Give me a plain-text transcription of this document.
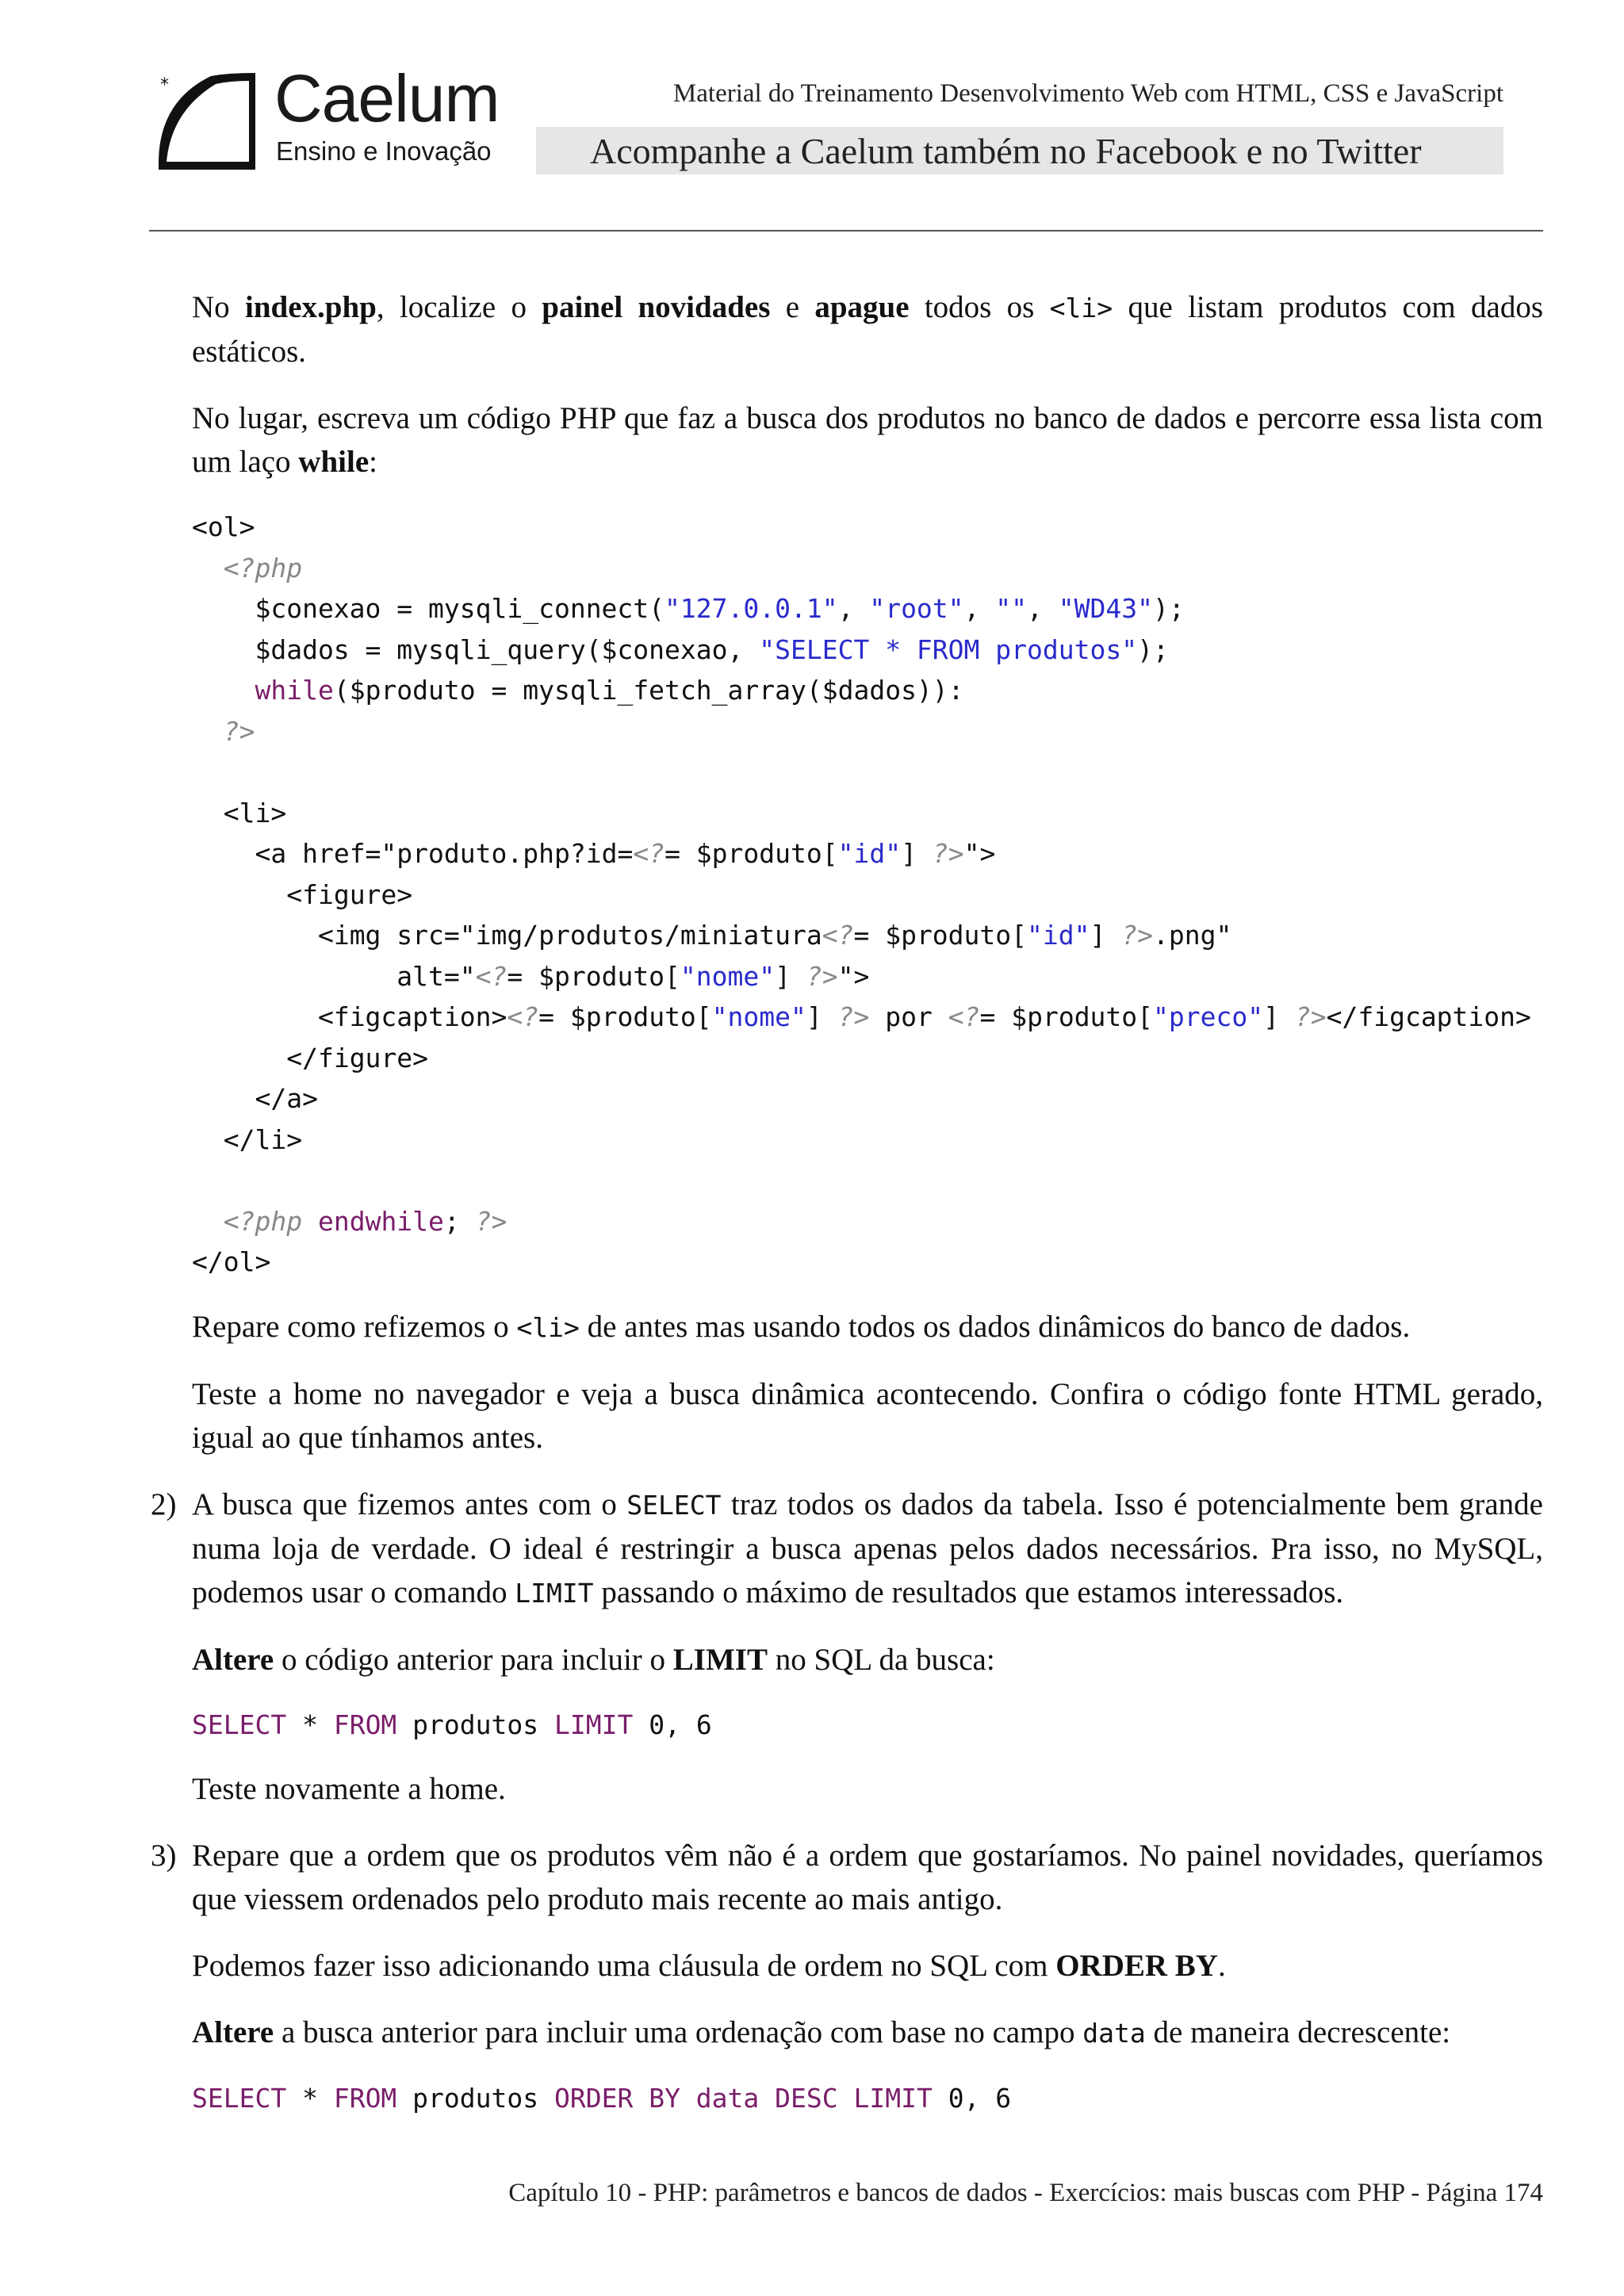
* Caelum
Ensino e Inovação
Material do Treinamento Desenvolvimento Web com HTML, CSS e JavaScript
Acompanhe a Caelum também no Facebook e no Twitter

No index.php, localize o painel novidades e apague todos os <li> que listam produtos com dados estáticos.

No lugar, escreva um código PHP que faz a busca dos produtos no banco de dados e percorre essa lista com um laço while:

<ol>
<?php
$conexao = mysqli_connect("127.0.0.1", "root", "", "WD43");
$dados = mysqli_query($conexao, "SELECT * FROM produtos");
while($produto = mysqli_fetch_array($dados)):
?>

<li>
<a href="produto.php?id=<?= $produto["id"] ?>">
<figure>
<img src="img/produtos/miniatura<?= $produto["id"] ?>.png"
alt="<?= $produto["nome"] ?>">
<figcaption><?= $produto["nome"] ?> por <?= $produto["preco"] ?></figcaption>
</figure>
</a>
</li>

<?php endwhile; ?>
</ol>

Repare como refizemos o <li> de antes mas usando todos os dados dinâmicos do banco de dados.

Teste a home no navegador e veja a busca dinâmica acontecendo. Confira o código fonte HTML gerado, igual ao que tínhamos antes.

2) A busca que fizemos antes com o SELECT traz todos os dados da tabela. Isso é potencialmente bem grande numa loja de verdade. O ideal é restringir a busca apenas pelos dados necessários. Pra isso, no MySQL, podemos usar o comando LIMIT passando o máximo de resultados que estamos interessados.

Altere o código anterior para incluir o LIMIT no SQL da busca:

SELECT * FROM produtos LIMIT 0, 6

Teste novamente a home.

3) Repare que a ordem que os produtos vêm não é a ordem que gostaríamos. No painel novidades, queríamos que viessem ordenados pelo produto mais recente ao mais antigo.

Podemos fazer isso adicionando uma cláusula de ordem no SQL com ORDER BY.

Altere a busca anterior para incluir uma ordenação com base no campo data de maneira decrescente:

SELECT * FROM produtos ORDER BY data DESC LIMIT 0, 6
Capítulo 10 - PHP: parâmetros e bancos de dados - Exercícios: mais buscas com PHP - Página 174
